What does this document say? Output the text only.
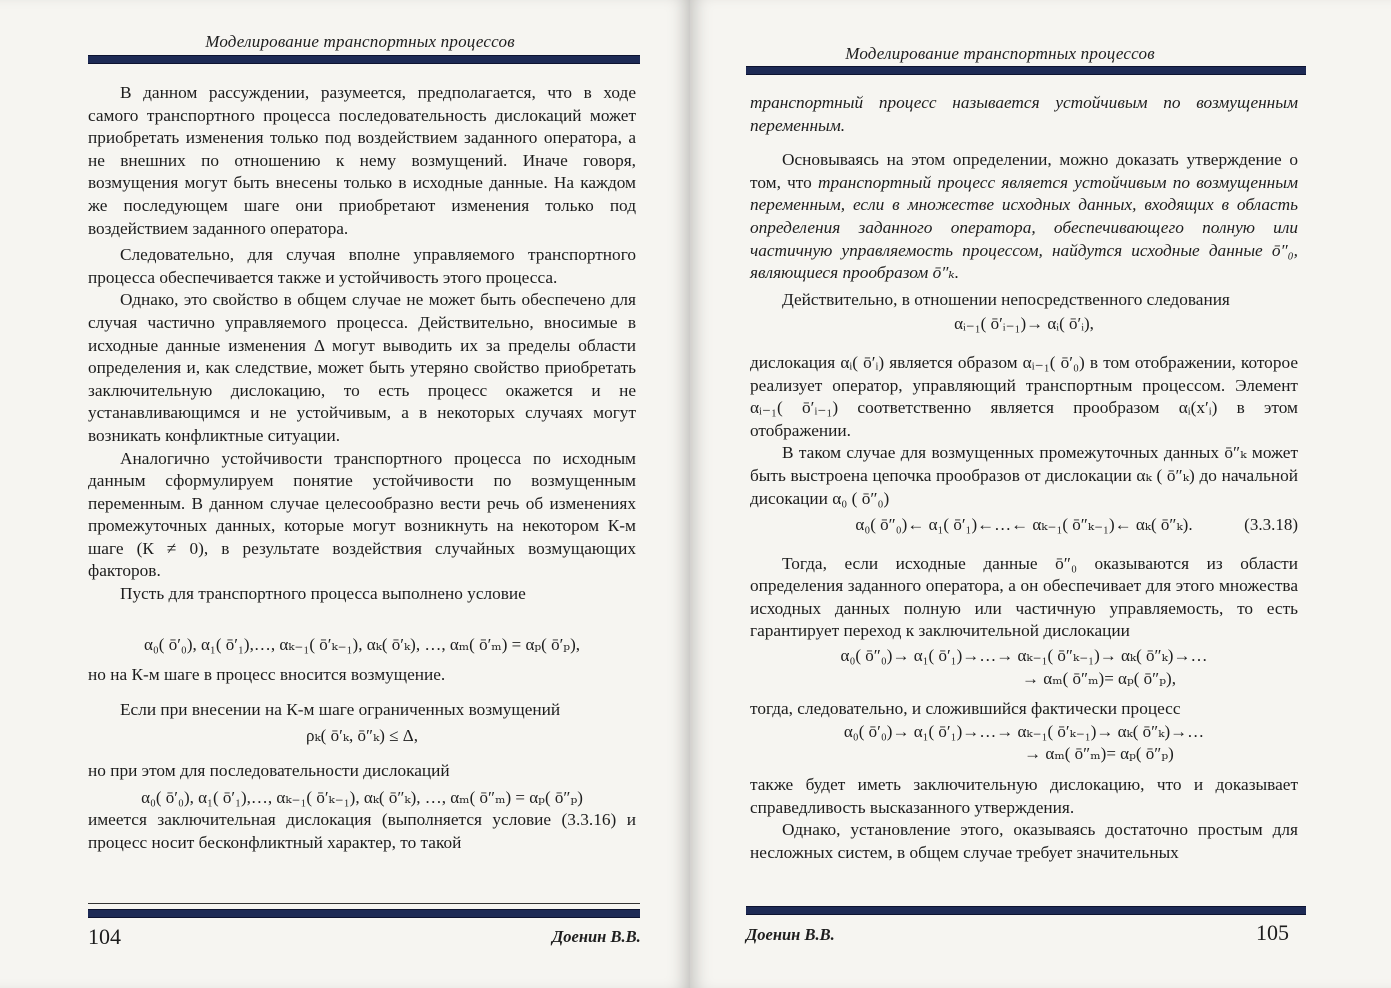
Моделирование транспортных процессов

В данном рассуждении, разумеется, предполагается, что в ходе самого транспортного процесса последовательность дислокаций может приобретать изменения только под воздействием заданного оператора, а не внешних по отношению к нему возмущений. Иначе говоря, возмущения могут быть внесены только в исходные данные. На каждом же последующем шаге они приобретают изменения только под воздействием заданного оператора.

Следовательно, для случая вполне управляемого транспортного процесса обеспечивается также и устойчивость этого процесса.

Однако, это свойство в общем случае не может быть обеспечено для случая частично управляемого процесса. Действительно, вносимые в исходные данные изменения Δ могут выводить их за пределы области определения и, как следствие, может быть утеряно свойство приобретать заключительную дислокацию, то есть процесс окажется и не устанавливающимся и не устойчивым, а в некоторых случаях могут возникать конфликтные ситуации.

Аналогично устойчивости транспортного процесса по исходным данным сформулируем понятие устойчивости по возмущенным переменным. В данном случае целесообразно вести речь об изменениях промежуточных данных, которые могут возникнуть на некотором К-м шаге (К ≠ 0), в результате воздействия случайных возмущающих факторов.

Пусть для транспортного процесса выполнено условие

α₀( ō′₀), α₁( ō′₁),…, αₖ₋₁( ō′ₖ₋₁), αₖ( ō′ₖ), …, αₘ( ō′ₘ) = αₚ( ō′ₚ),

но на К-м шаге в процесс вносится возмущение.

Если при внесении на К-м шаге ограниченных возмущений

ρₖ( ō′ₖ, ō″ₖ) ≤ Δ,

но при этом для последовательности дислокаций

α₀( ō′₀), α₁( ō′₁),…, αₖ₋₁( ō′ₖ₋₁), αₖ( ō″ₖ), …, αₘ( ō″ₘ) = αₚ( ō″ₚ)

имеется заключительная дислокация (выполняется условие (3.3.16) и процесс носит бесконфликтный характер, то такой

104	Доенин В.В.
Моделирование транспортных процессов

транспортный процесс называется устойчивым по возмущенным переменным.

Основываясь на этом определении, можно доказать утверждение о том, что транспортный процесс является устойчивым по возмущенным переменным, если в множестве исходных данных, входящих в область определения заданного оператора, обеспечивающего полную или частичную управляемость процессом, найдутся исходные данные ō″₀, являющиеся прообразом ō″ₖ.

Действительно, в отношении непосредственного следования

αᵢ₋₁( ō′ᵢ₋₁)→ αᵢ( ō′ᵢ),

дислокация αᵢ( ō′ᵢ) является образом αᵢ₋₁( ō′₀) в том отображении, которое реализует оператор, управляющий транспортным процессом. Элемент αᵢ₋₁( ō′ᵢ₋₁) соответственно является прообразом αᵢ(x′ᵢ) в этом отображении.

В таком случае для возмущенных промежуточных данных ō″ₖ может быть выстроена цепочка прообразов от дислокации αₖ ( ō″ₖ) до начальной дисокации α₀ ( ō″₀)

α₀( ō″₀)← α₁( ō′₁)←…← αₖ₋₁( ō″ₖ₋₁)← αₖ( ō″ₖ).	(3.3.18)

Тогда, если исходные данные ō″₀ оказываются из области определения заданного оператора, а он обеспечивает для этого множества исходных данных полную или частичную управляемость, то есть гарантирует переход к заключительной дислокации

α₀( ō″₀)→ α₁( ō′₁)→…→ αₖ₋₁( ō″ₖ₋₁)→ αₖ( ō″ₖ)→…

→ αₘ( ō″ₘ)= αₚ( ō″ₚ),

тогда, следовательно, и сложившийся фактически процесс

α₀( ō′₀)→ α₁( ō′₁)→…→ αₖ₋₁( ō′ₖ₋₁)→ αₖ( ō″ₖ)→…

→ αₘ( ō″ₘ)= αₚ( ō″ₚ)

также будет иметь заключительную дислокацию, что и доказывает справедливость высказанного утверждения.

Однако, установление этого, оказываясь достаточно простым для несложных систем, в общем случае требует значительных

Доенин В.В.	105
